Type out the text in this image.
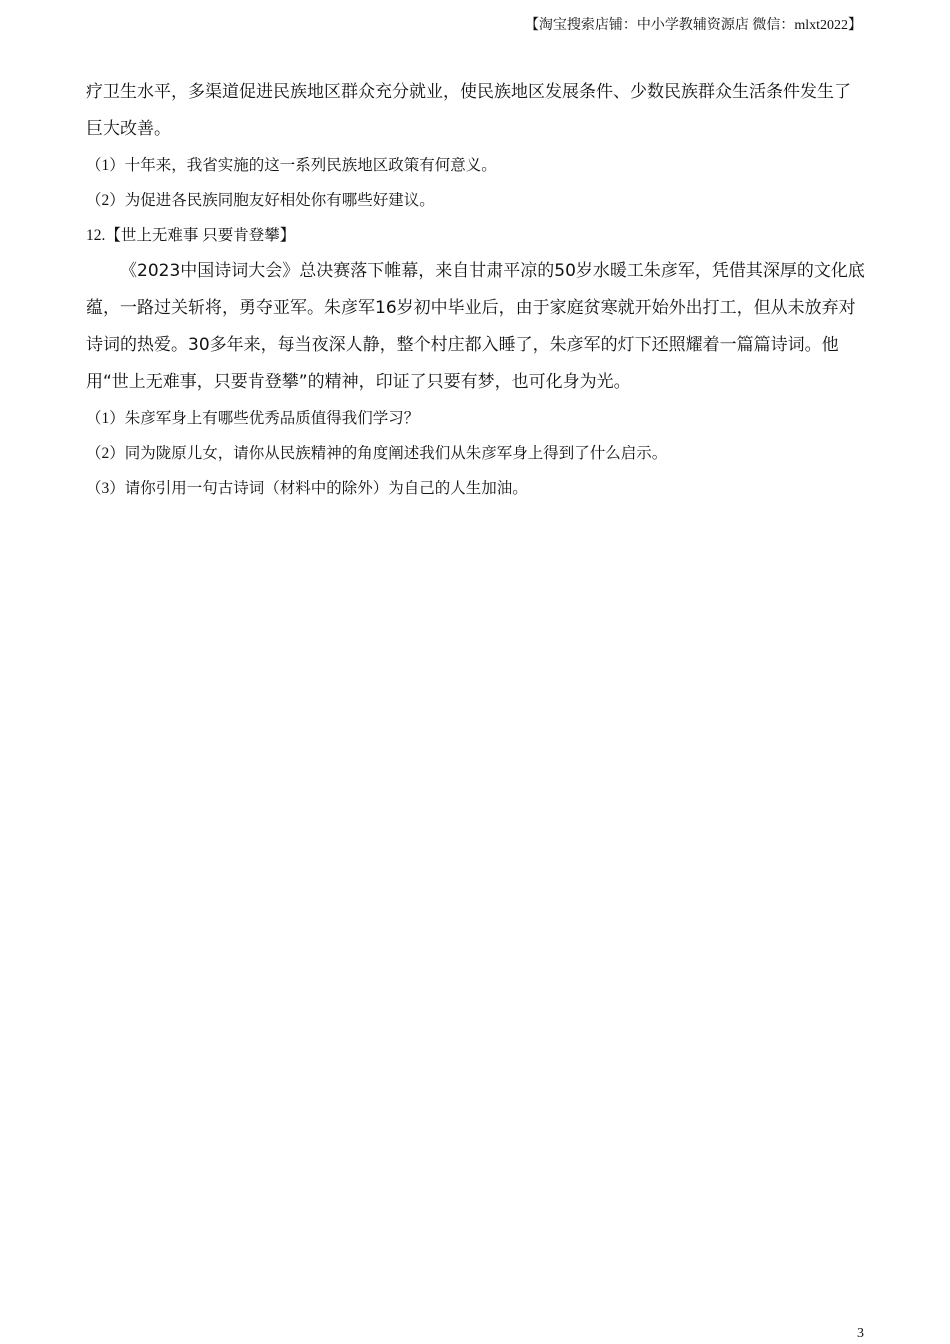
【淘宝搜索店铺：中小学教辅资源店 微信：mlxt2022】

疗卫生水平，多渠道促进民族地区群众充分就业，使民族地区发展条件、少数民族群众生活条件发生了巨大改善。

（1）十年来，我省实施的这一系列民族地区政策有何意义。

（2）为促进各民族同胞友好相处你有哪些好建议。

12.【世上无难事 只要肯登攀】

《2023中国诗词大会》总决赛落下帷幕，来自甘肃平凉的50岁水暖工朱彦军，凭借其深厚的文化底蕴，一路过关斩将，勇夺亚军。朱彦军16岁初中毕业后，由于家庭贫寒就开始外出打工，但从未放弃对诗词的热爱。30多年来，每当夜深人静，整个村庄都入睡了，朱彦军的灯下还照耀着一篇篇诗词。他用“世上无难事，只要肯登攀”的精神，印证了只要有梦，也可化身为光。

（1）朱彦军身上有哪些优秀品质值得我们学习？

（2）同为陇原儿女，请你从民族精神的角度阐述我们从朱彦军身上得到了什么启示。

（3）请你引用一句古诗词（材料中的除外）为自己的人生加油。

3
